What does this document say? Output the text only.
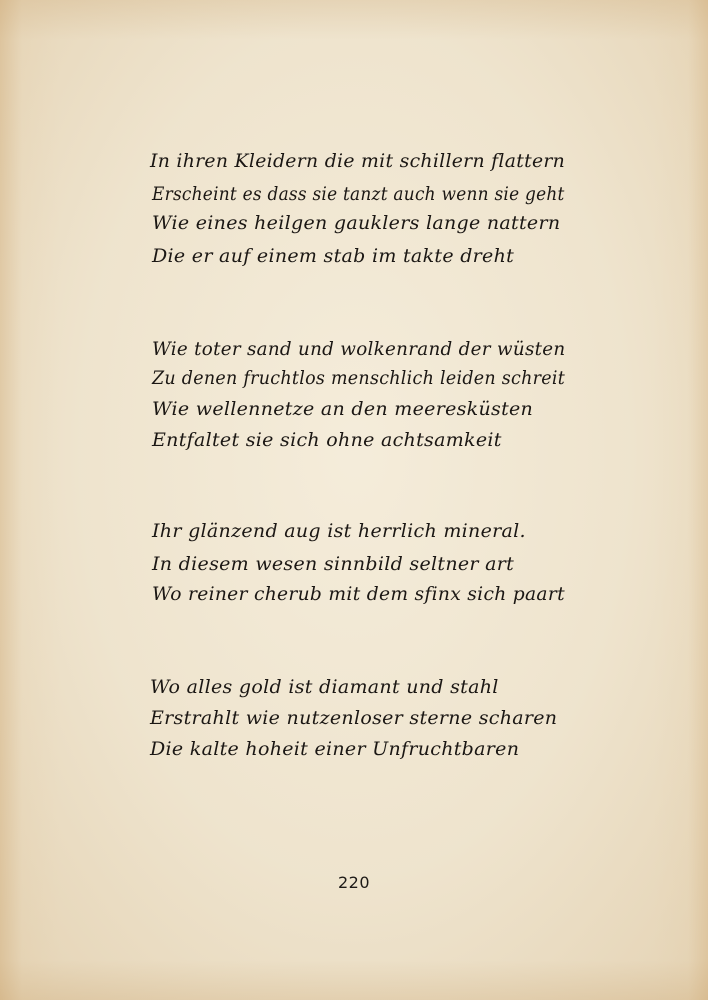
In ihren Kleidern die mit schillern flattern
Erscheint es dass sie tanzt auch wenn sie geht
Wie eines heilgen gauklers lange nattern
Die er auf einem stab im takte dreht
Wie toter sand und wolkenrand der wüsten
Zu denen fruchtlos menschlich leiden schreit
Wie wellennetze an den meeresküsten
Entfaltet sie sich ohne achtsamkeit
Ihr glänzend aug ist herrlich mineral.
In diesem wesen sinnbild seltner art
Wo reiner cherub mit dem sfinx sich paart
Wo alles gold ist diamant und stahl
Erstrahlt wie nutzenloser sterne scharen
Die kalte hoheit einer Unfruchtbaren
220
